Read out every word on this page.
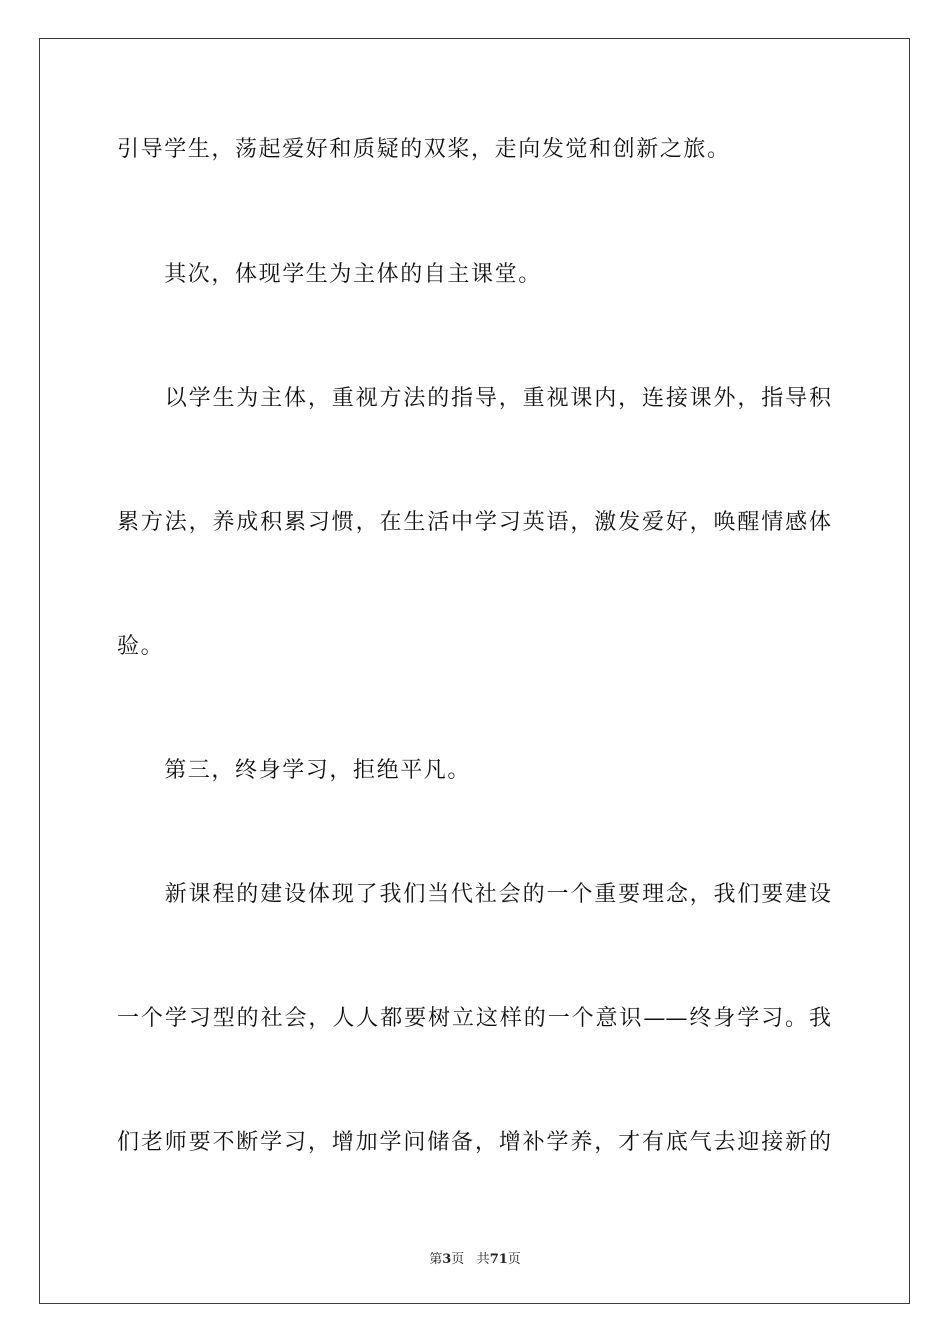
引导学生，荡起爱好和质疑的双桨，走向发觉和创新之旅。
　　其次，体现学生为主体的自主课堂。
　　以学生为主体，重视方法的指导，重视课内，连接课外，指导积
累方法，养成积累习惯，在生活中学习英语，激发爱好，唤醒情感体
验。
　　第三，终身学习，拒绝平凡。
　　新课程的建设体现了我们当代社会的一个重要理念，我们要建设
一个学习型的社会，人人都要树立这样的一个意识——终身学习。我
们老师要不断学习，增加学问储备，增补学养，才有底气去迎接新的
第3页 共71页
